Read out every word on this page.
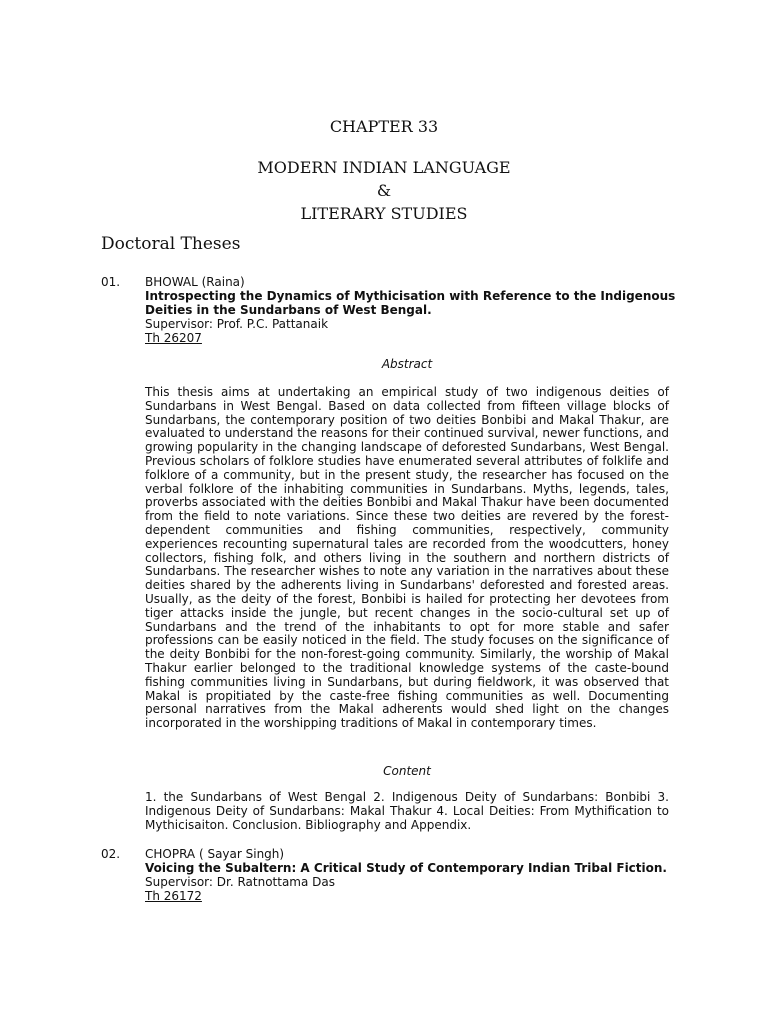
CHAPTER 33
MODERN INDIAN LANGUAGE
&
LITERARY STUDIES
Doctoral Theses
01.	BHOWAL (Raina)
Introspecting the Dynamics of Mythicisation with Reference to the Indigenous
Deities in the Sundarbans of West Bengal.
Supervisor: Prof. P.C. Pattanaik
Th 26207
Abstract
This thesis aims at undertaking an empirical study of two indigenous deities of Sundarbans in West Bengal. Based on data collected from fifteen village blocks of Sundarbans, the contemporary position of two deities Bonbibi and Makal Thakur, are evaluated to understand the reasons for their continued survival, newer functions, and growing popularity in the changing landscape of deforested Sundarbans, West Bengal. Previous scholars of folklore studies have enumerated several attributes of folklife and folklore of a community, but in the present study, the researcher has focused on the verbal folklore of the inhabiting communities in Sundarbans. Myths, legends, tales, proverbs associated with the deities Bonbibi and Makal Thakur have been documented from the field to note variations. Since these two deities are revered by the forest-dependent communities and fishing communities, respectively, community experiences recounting supernatural tales are recorded from the woodcutters, honey collectors, fishing folk, and others living in the southern and northern districts of Sundarbans. The researcher wishes to note any variation in the narratives about these deities shared by the adherents living in Sundarbans' deforested and forested areas. Usually, as the deity of the forest, Bonbibi is hailed for protecting her devotees from tiger attacks inside the jungle, but recent changes in the socio-cultural set up of Sundarbans and the trend of the inhabitants to opt for more stable and safer professions can be easily noticed in the field. The study focuses on the significance of the deity Bonbibi for the non-forest-going community. Similarly, the worship of Makal Thakur earlier belonged to the traditional knowledge systems of the caste-bound fishing communities living in Sundarbans, but during fieldwork, it was observed that Makal is propitiated by the caste-free fishing communities as well. Documenting personal narratives from the Makal adherents would shed light on the changes incorporated in the worshipping traditions of Makal in contemporary times.
Content
1. the Sundarbans of West Bengal 2. Indigenous Deity of Sundarbans: Bonbibi 3. Indigenous Deity of Sundarbans: Makal Thakur 4. Local Deities: From Mythification to Mythicisaiton. Conclusion. Bibliography and Appendix.
02.	CHOPRA ( Sayar Singh)
Voicing the Subaltern: A Critical Study of Contemporary Indian Tribal Fiction.
Supervisor: Dr. Ratnottama Das
Th 26172
